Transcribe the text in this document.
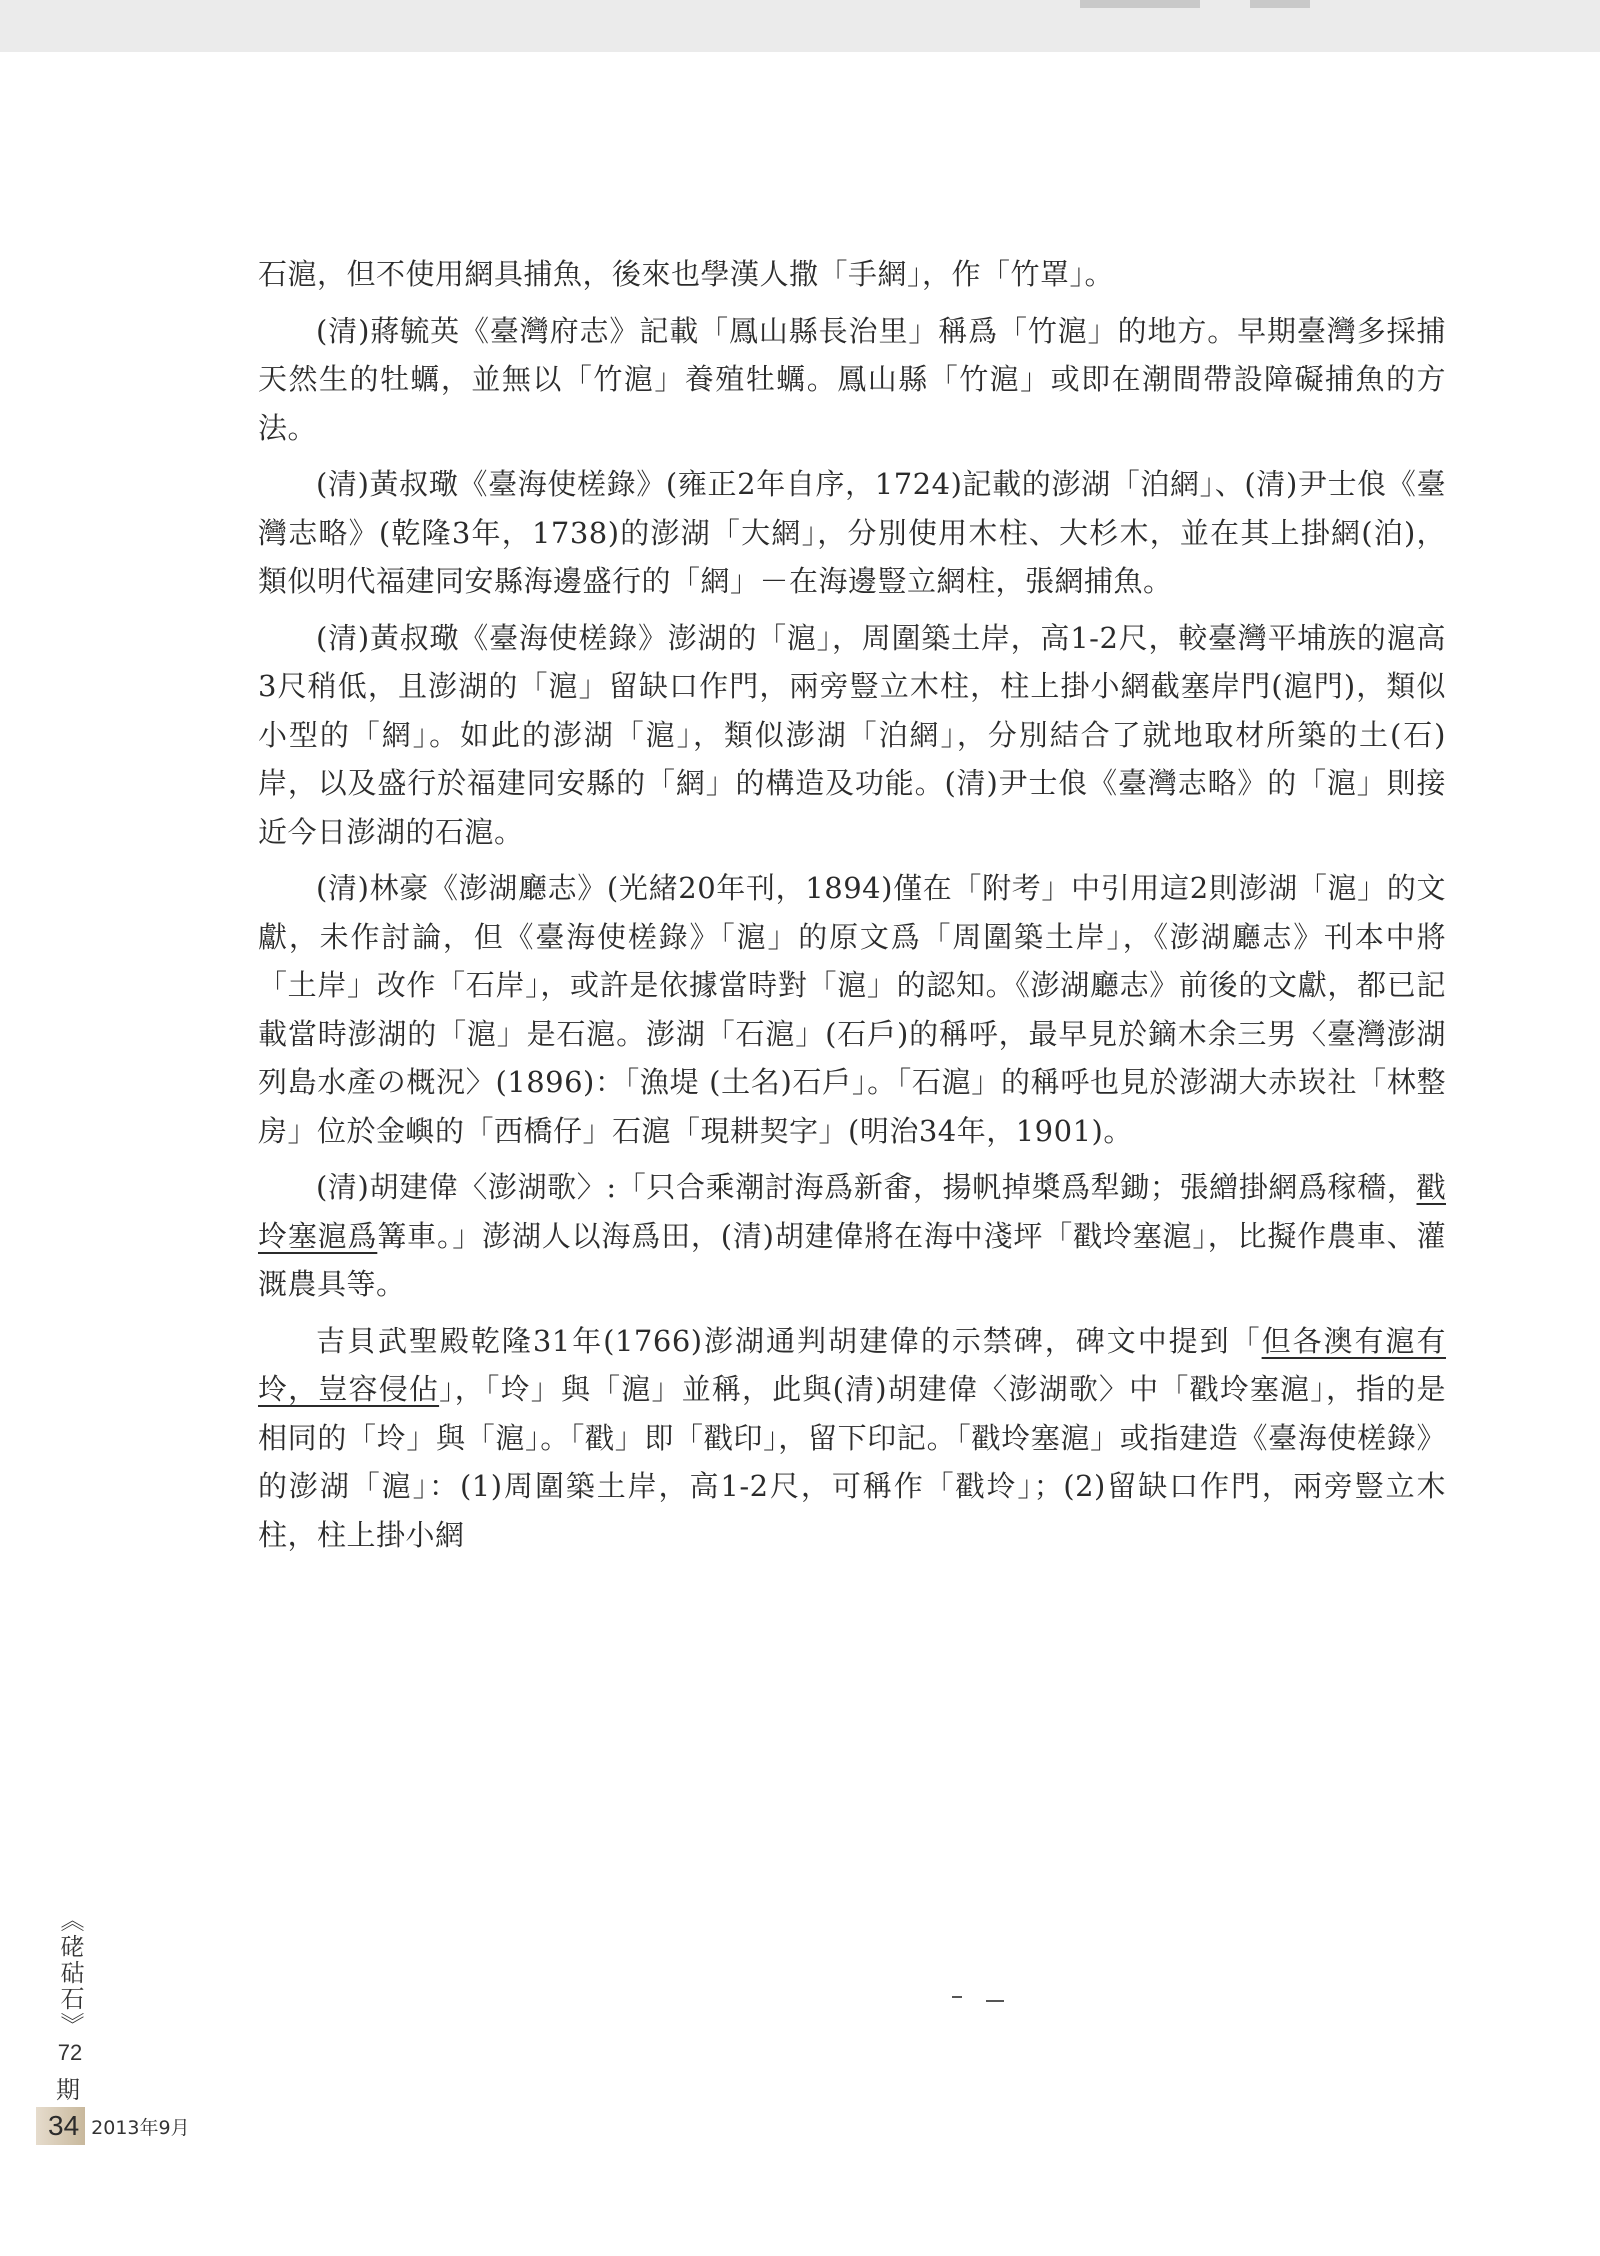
石滬，但不使用網具捕魚，後來也學漢人撒「手網」，作「竹罩」。

(清)蔣毓英《臺灣府志》記載「鳳山縣長治里」稱爲「竹滬」的地方。早期臺灣多採捕天然生的牡蠣，並無以「竹滬」養殖牡蠣。鳳山縣「竹滬」或即在潮間帶設障礙捕魚的方法。

(清)黃叔璥《臺海使槎錄》(雍正2年自序，1724)記載的澎湖「泊網」、(清)尹士俍《臺灣志略》(乾隆3年，1738)的澎湖「大網」，分別使用木柱、大杉木，並在其上掛網(泊)，類似明代福建同安縣海邊盛行的「網」－在海邊豎立網柱，張網捕魚。

(清)黃叔璥《臺海使槎錄》澎湖的「滬」，周圍築土岸，高1-2尺，較臺灣平埔族的滬高3尺稍低，且澎湖的「滬」留缺口作門，兩旁豎立木柱，柱上掛小網截塞岸門(滬門)，類似小型的「網」。如此的澎湖「滬」，類似澎湖「泊網」，分別結合了就地取材所築的土(石)岸，以及盛行於福建同安縣的「網」的構造及功能。(清)尹士俍《臺灣志略》的「滬」則接近今日澎湖的石滬。

(清)林豪《澎湖廳志》(光緒20年刊，1894)僅在「附考」中引用這2則澎湖「滬」的文獻，未作討論，但《臺海使槎錄》「滬」的原文爲「周圍築土岸」，《澎湖廳志》刊本中將「土岸」改作「石岸」，或許是依據當時對「滬」的認知。《澎湖廳志》前後的文獻，都已記載當時澎湖的「滬」是石滬。澎湖「石滬」(石戶)的稱呼，最早見於鏑木余三男〈臺灣澎湖列島水產の概況〉(1896)：「漁堤 (土名)石戶」。「石滬」的稱呼也見於澎湖大赤崁社「林整房」位於金嶼的「西橋仔」石滬「現耕契字」(明治34年，1901)。

(清)胡建偉〈澎湖歌〉:「只合乘潮討海爲新畬，揚帆掉槳爲犁鋤；張繒掛網爲稼穡，戳坽塞滬爲篝車。」澎湖人以海爲田，(清)胡建偉將在海中淺坪「戳坽塞滬」，比擬作農車、灌溉農具等。

吉貝武聖殿乾隆31年(1766)澎湖通判胡建偉的示禁碑，碑文中提到「但各澳有滬有坽，豈容侵佔」，「坽」與「滬」並稱，此與(清)胡建偉〈澎湖歌〉中「戳坽塞滬」，指的是相同的「坽」與「滬」。「戳」即「戳印」，留下印記。「戳坽塞滬」或指建造《臺海使槎錄》的澎湖「滬」：(1)周圍築土岸，高1-2尺，可稱作「戳坽」；(2)留缺口作門，兩旁豎立木柱，柱上掛小網

《硓𥑮石》
72
期
34 2013年9月
